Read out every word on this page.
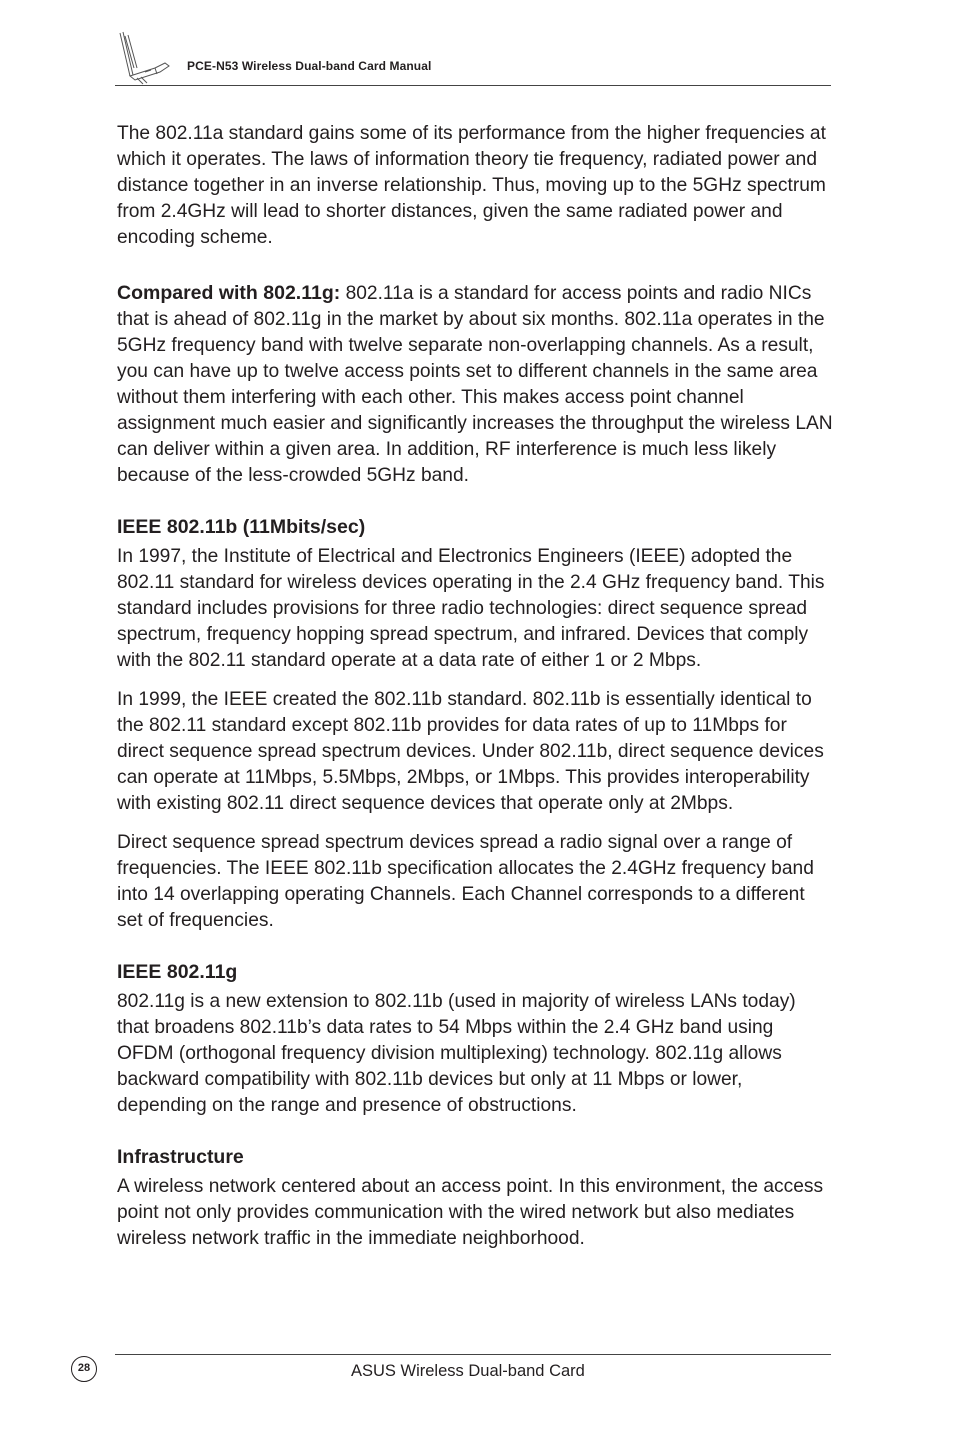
PCE-N53 Wireless Dual-band Card Manual

The 802.11a standard gains some of its performance from the higher frequencies at which it operates. The laws of information theory tie frequency, radiated power and distance together in an inverse relationship. Thus, moving up to the 5GHz spectrum from 2.4GHz will lead to shorter distances, given the same radiated power and encoding scheme.

Compared with 802.11g: 802.11a is a standard for access points and radio NICs that is ahead of 802.11g in the market by about six months. 802.11a operates in the 5GHz frequency band with twelve separate non-overlapping channels. As a result, you can have up to twelve access points set to different channels in the same area without them interfering with each other. This makes access point channel assignment much easier and significantly increases the throughput the wireless LAN can deliver within a given area. In addition, RF interference is much less likely because of the less-crowded 5GHz band.

IEEE 802.11b (11Mbits/sec)

In 1997, the Institute of Electrical and Electronics Engineers (IEEE) adopted the 802.11 standard for wireless devices operating in the 2.4 GHz frequency band. This standard includes provisions for three radio technologies: direct sequence spread spectrum, frequency hopping spread spectrum, and infrared. Devices that comply with the 802.11 standard operate at a data rate of either 1 or 2 Mbps.

In 1999, the IEEE created the 802.11b standard. 802.11b is essentially identical to the 802.11 standard except 802.11b provides for data rates of up to 11Mbps for direct sequence spread spectrum devices. Under 802.11b, direct sequence devices can operate at 11Mbps, 5.5Mbps, 2Mbps, or 1Mbps. This provides interoperability with existing 802.11 direct sequence devices that operate only at 2Mbps.

Direct sequence spread spectrum devices spread a radio signal over a range of frequencies. The IEEE 802.11b specification allocates the 2.4GHz frequency band into 14 overlapping operating Channels. Each Channel corresponds to a different set of frequencies.

IEEE 802.11g

802.11g is a new extension to 802.11b (used in majority of wireless LANs today) that broadens 802.11b’s data rates to 54 Mbps within the 2.4 GHz band using OFDM (orthogonal frequency division multiplexing) technology. 802.11g allows backward compatibility with 802.11b devices but only at 11 Mbps or lower, depending on the range and presence of obstructions.

Infrastructure

A wireless network centered about an access point. In this environment, the access point not only provides communication with the wired network but also mediates wireless network traffic in the immediate neighborhood.

28	ASUS Wireless Dual-band Card
